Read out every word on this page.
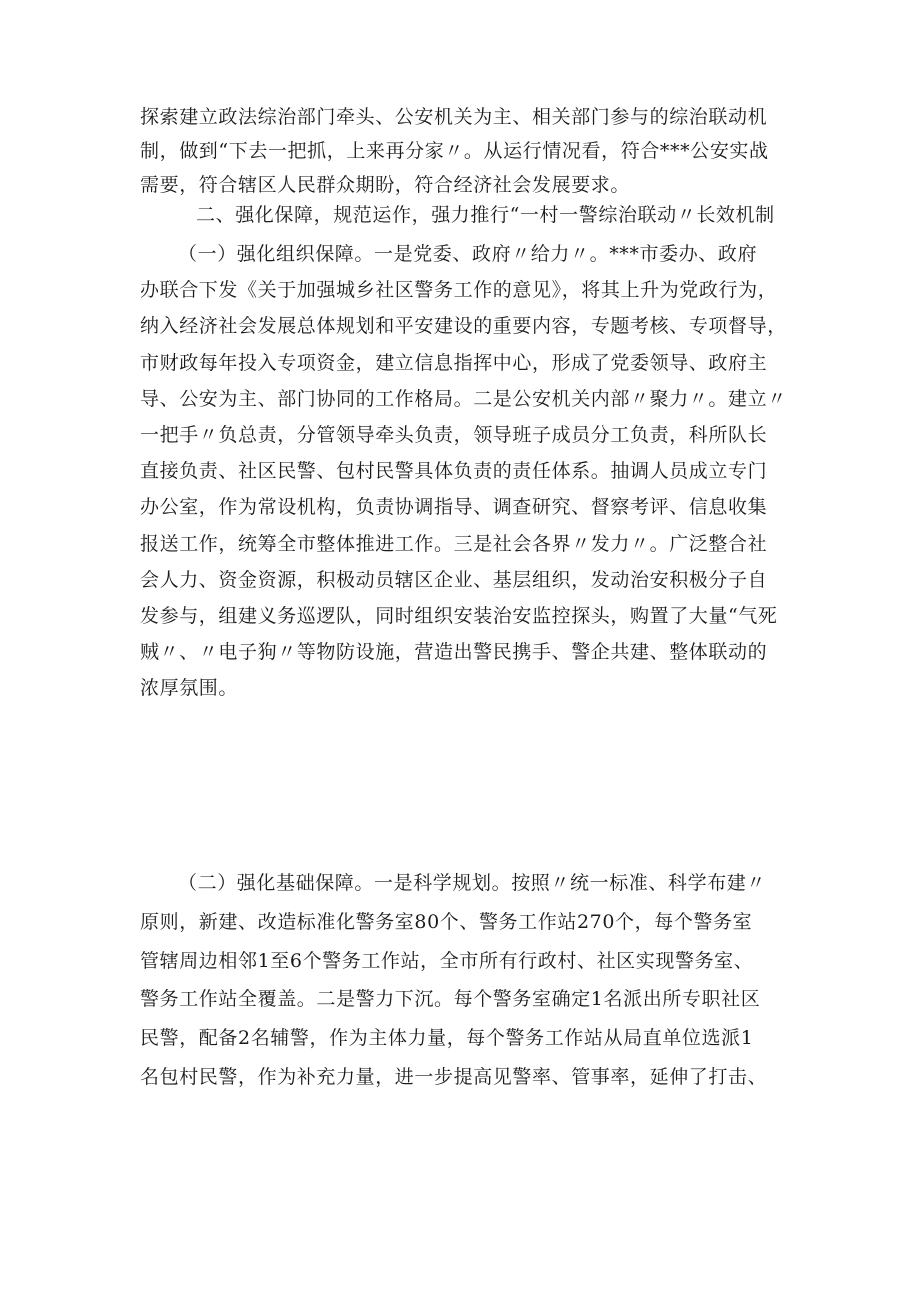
探索建立政法综治部门牵头、公安机关为主、相关部门参与的综治联动机
制，做到“下去一把抓，上来再分家〃。从运行情况看，符合***公安实战
需要，符合辖区人民群众期盼，符合经济社会发展要求。
二、强化保障，规范运作，强力推行“一村一警综治联动〃长效机制
（一）强化组织保障。一是党委、政府〃给力〃。***市委办、政府
办联合下发《关于加强城乡社区警务工作的意见》，将其上升为党政行为，
纳入经济社会发展总体规划和平安建设的重要内容，专题考核、专项督导，
市财政每年投入专项资金，建立信息指挥中心，形成了党委领导、政府主
导、公安为主、部门协同的工作格局。二是公安机关内部〃聚力〃。建立〃
一把手〃负总责，分管领导牵头负责，领导班子成员分工负责，科所队长
直接负责、社区民警、包村民警具体负责的责任体系。抽调人员成立专门
办公室，作为常设机构，负责协调指导、调查研究、督察考评、信息收集
报送工作，统筹全市整体推进工作。三是社会各界〃发力〃。广泛整合社
会人力、资金资源，积极动员辖区企业、基层组织，发动治安积极分子自
发参与，组建义务巡逻队，同时组织安装治安监控探头，购置了大量“气死
贼〃、〃电子狗〃等物防设施，营造出警民携手、警企共建、整体联动的
浓厚氛围。
（二）强化基础保障。一是科学规划。按照〃统一标准、科学布建〃
原则，新建、改造标准化警务室80个、警务工作站270个，每个警务室
管辖周边相邻1至6个警务工作站，全市所有行政村、社区实现警务室、
警务工作站全覆盖。二是警力下沉。每个警务室确定1名派出所专职社区
民警，配备2名辅警，作为主体力量，每个警务工作站从局直单位选派1
名包村民警，作为补充力量，进一步提高见警率、管事率，延伸了打击、
